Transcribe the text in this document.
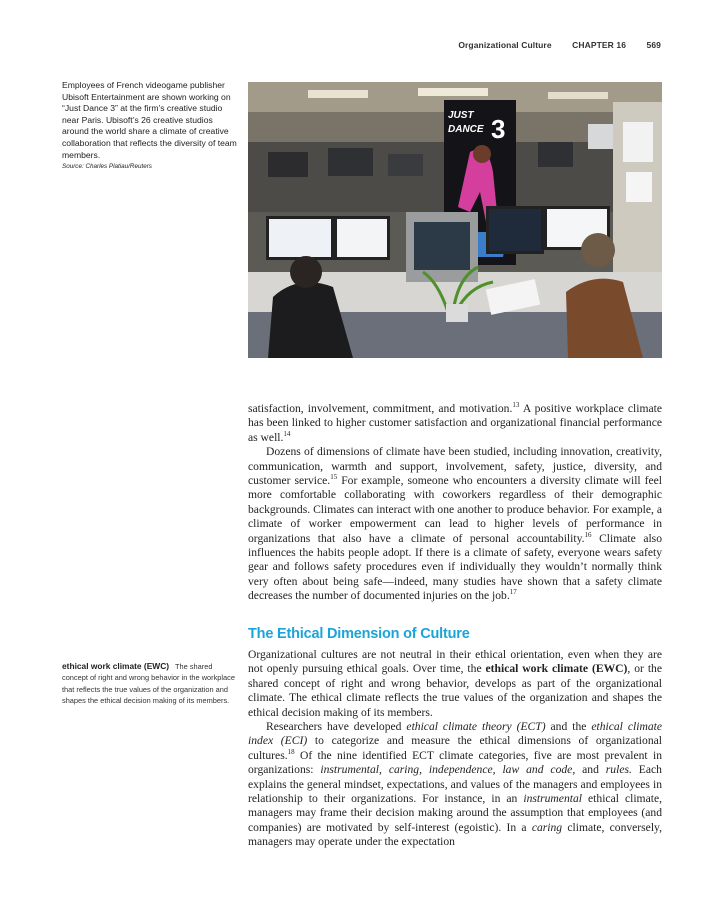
Organizational Culture CHAPTER 16 569
Employees of French videogame publisher Ubisoft Entertainment are shown working on “Just Dance 3” at the firm’s creative studio near Paris. Ubisoft’s 26 creative studios around the world share a climate of creative collaboration that reflects the diversity of team members.
Source: Charles Platiau/Reuters
JUST
DANCE 3

satisfaction, involvement, commitment, and motivation.$^{13}$ A positive workplace climate has been linked to higher customer satisfaction and organizational financial performance as well.$^{14}$

Dozens of dimensions of climate have been studied, including innovation, creativity, communication, warmth and support, involvement, safety, justice, diversity, and customer service.$^{15}$ For example, someone who encounters a diversity climate will feel more comfortable collaborating with coworkers regardless of their demographic backgrounds. Climates can interact with one another to produce behavior. For example, a climate of worker empowerment can lead to higher levels of performance in organizations that also have a climate of personal accountability.$^{16}$ Climate also influences the habits people adopt. If there is a climate of safety, everyone wears safety gear and follows safety procedures even if individually they wouldn’t normally think very often about being safe—indeed, many studies have shown that a safety climate decreases the number of documented injuries on the job.$^{17}$

The Ethical Dimension of Culture

Organizational cultures are not neutral in their ethical orientation, even when they are not openly pursuing ethical goals. Over time, the ethical work climate (EWC), or the shared concept of right and wrong behavior, develops as part of the organizational climate. The ethical climate reflects the true values of the organization and shapes the ethical decision making of its members.

Researchers have developed ethical climate theory (ECT) and the ethical climate index (ECI) to categorize and measure the ethical dimensions of organizational cultures.$^{18}$ Of the nine identified ECT climate categories, five are most prevalent in organizations: instrumental, caring, independence, law and code, and rules. Each explains the general mindset, expectations, and values of the managers and employees in relationship to their organizations. For instance, in an instrumental ethical climate, managers may frame their decision making around the assumption that employees (and companies) are motivated by self-interest (egoistic). In a caring climate, conversely, managers may operate under the expectation

ethical work climate (EWC) The shared concept of right and wrong behavior in the workplace that reflects the true values of the organization and shapes the ethical decision making of its members.
